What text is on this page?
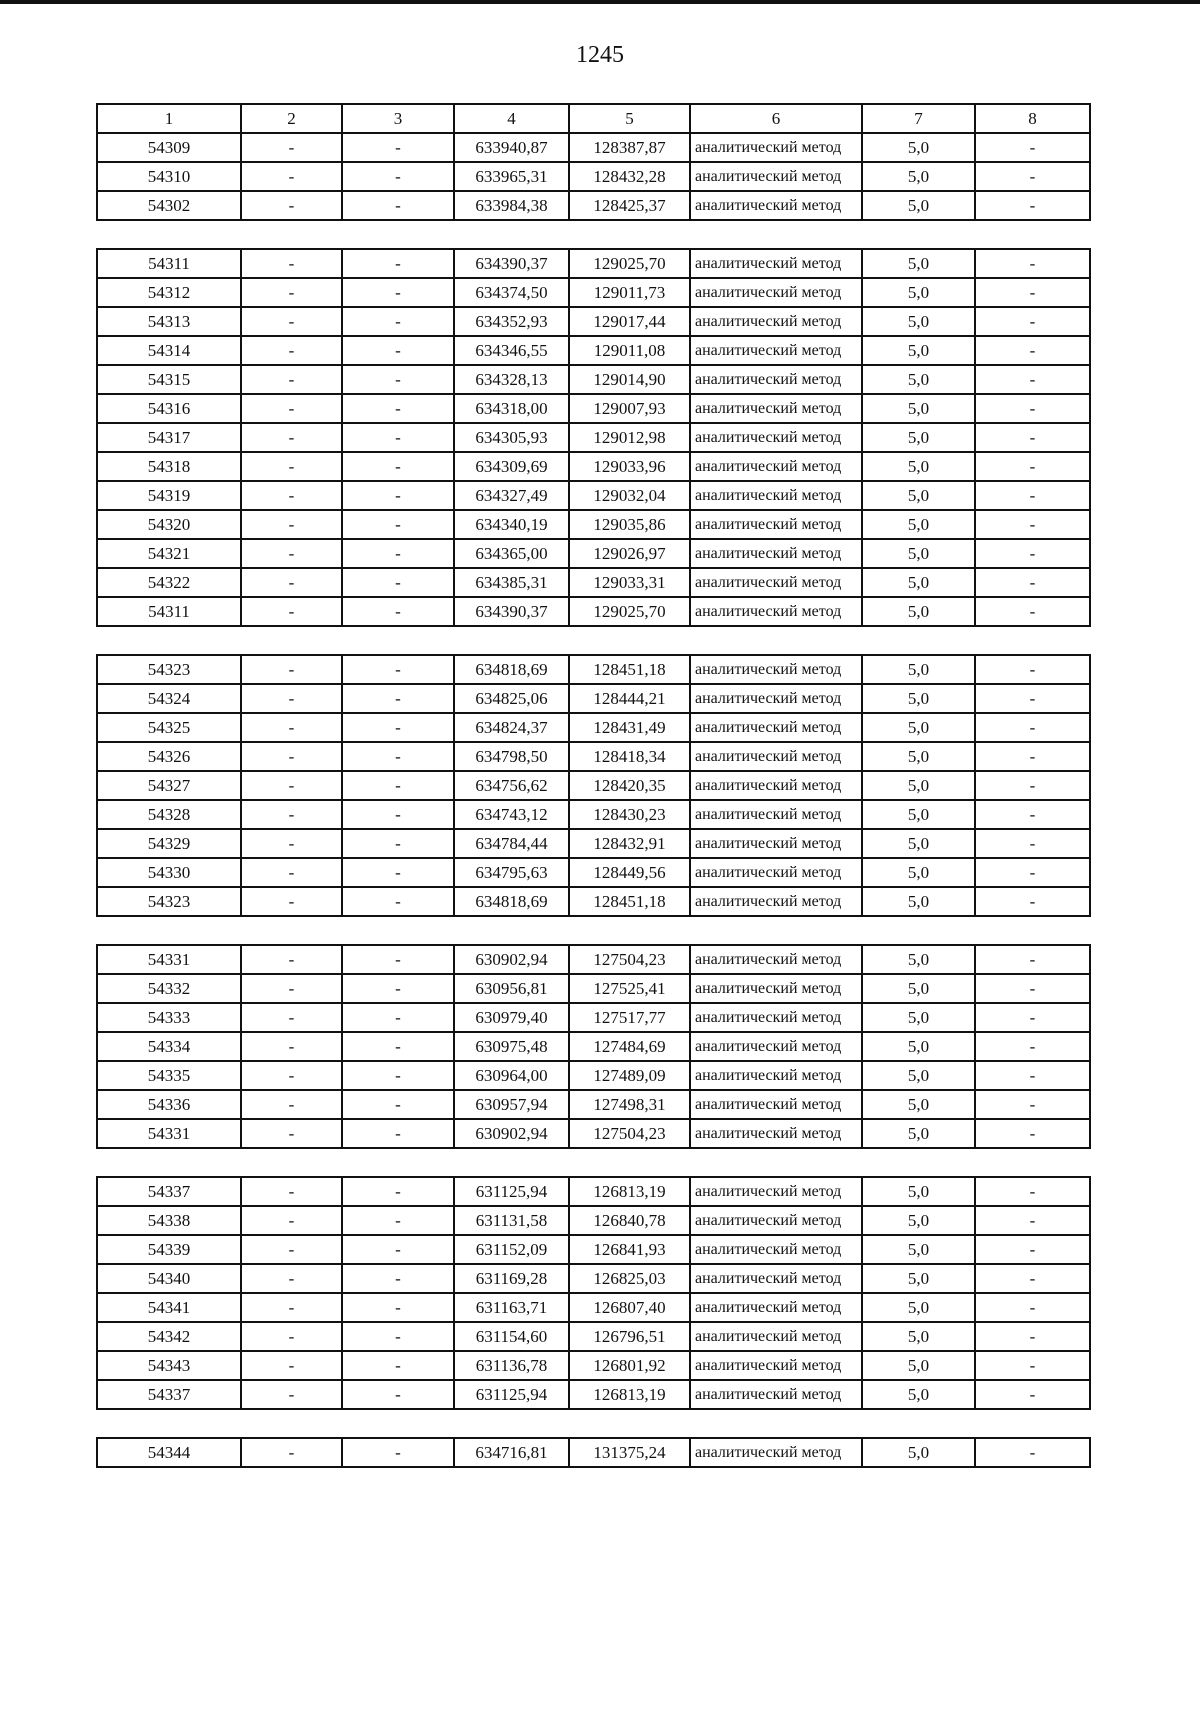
1245
1	2	3	4	5	6	7	8
54309	-	-	633940,87	128387,87	аналитический метод	5,0	-
54310	-	-	633965,31	128432,28	аналитический метод	5,0	-
54302	-	-	633984,38	128425,37	аналитический метод	5,0	-
54311	-	-	634390,37	129025,70	аналитический метод	5,0	-
54312	-	-	634374,50	129011,73	аналитический метод	5,0	-
54313	-	-	634352,93	129017,44	аналитический метод	5,0	-
54314	-	-	634346,55	129011,08	аналитический метод	5,0	-
54315	-	-	634328,13	129014,90	аналитический метод	5,0	-
54316	-	-	634318,00	129007,93	аналитический метод	5,0	-
54317	-	-	634305,93	129012,98	аналитический метод	5,0	-
54318	-	-	634309,69	129033,96	аналитический метод	5,0	-
54319	-	-	634327,49	129032,04	аналитический метод	5,0	-
54320	-	-	634340,19	129035,86	аналитический метод	5,0	-
54321	-	-	634365,00	129026,97	аналитический метод	5,0	-
54322	-	-	634385,31	129033,31	аналитический метод	5,0	-
54311	-	-	634390,37	129025,70	аналитический метод	5,0	-
54323	-	-	634818,69	128451,18	аналитический метод	5,0	-
54324	-	-	634825,06	128444,21	аналитический метод	5,0	-
54325	-	-	634824,37	128431,49	аналитический метод	5,0	-
54326	-	-	634798,50	128418,34	аналитический метод	5,0	-
54327	-	-	634756,62	128420,35	аналитический метод	5,0	-
54328	-	-	634743,12	128430,23	аналитический метод	5,0	-
54329	-	-	634784,44	128432,91	аналитический метод	5,0	-
54330	-	-	634795,63	128449,56	аналитический метод	5,0	-
54323	-	-	634818,69	128451,18	аналитический метод	5,0	-
54331	-	-	630902,94	127504,23	аналитический метод	5,0	-
54332	-	-	630956,81	127525,41	аналитический метод	5,0	-
54333	-	-	630979,40	127517,77	аналитический метод	5,0	-
54334	-	-	630975,48	127484,69	аналитический метод	5,0	-
54335	-	-	630964,00	127489,09	аналитический метод	5,0	-
54336	-	-	630957,94	127498,31	аналитический метод	5,0	-
54331	-	-	630902,94	127504,23	аналитический метод	5,0	-
54337	-	-	631125,94	126813,19	аналитический метод	5,0	-
54338	-	-	631131,58	126840,78	аналитический метод	5,0	-
54339	-	-	631152,09	126841,93	аналитический метод	5,0	-
54340	-	-	631169,28	126825,03	аналитический метод	5,0	-
54341	-	-	631163,71	126807,40	аналитический метод	5,0	-
54342	-	-	631154,60	126796,51	аналитический метод	5,0	-
54343	-	-	631136,78	126801,92	аналитический метод	5,0	-
54337	-	-	631125,94	126813,19	аналитический метод	5,0	-
54344	-	-	634716,81	131375,24	аналитический метод	5,0	-
